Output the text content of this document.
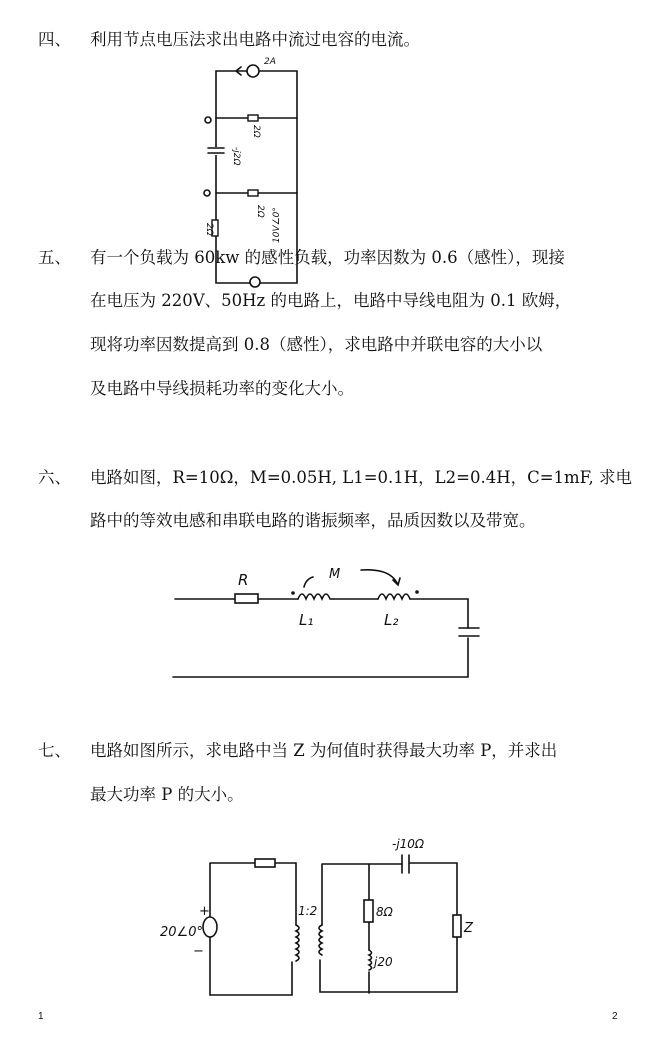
四、 利用节点电压法求出电路中流过电容的电流。
五、 有一个负载为 60kw 的感性负载，功率因数为 0.6（感性），现接
在电压为 220V、50Hz 的电路上，电路中导线电阻为 0.1 欧姆，
现将功率因数提高到 0.8（感性），求电路中并联电容的大小以
及电路中导线损耗功率的变化大小。
六、 电路如图，R=10Ω，M=0.05H, L1=0.1H，L2=0.4H，C=1mF, 求电
路中的等效电感和串联电路的谐振频率，品质因数以及带宽。
七、 电路如图所示，求电路中当 Z 为何值时获得最大功率 P，并求出
最大功率 P 的大小。
2A
2Ω
-j2Ω
2Ω
2Ω	10V∠0°
R	M
L₁	L₂
20∠0°
+
−
1:2
-j10Ω
8Ω
j20
Z
1	2
